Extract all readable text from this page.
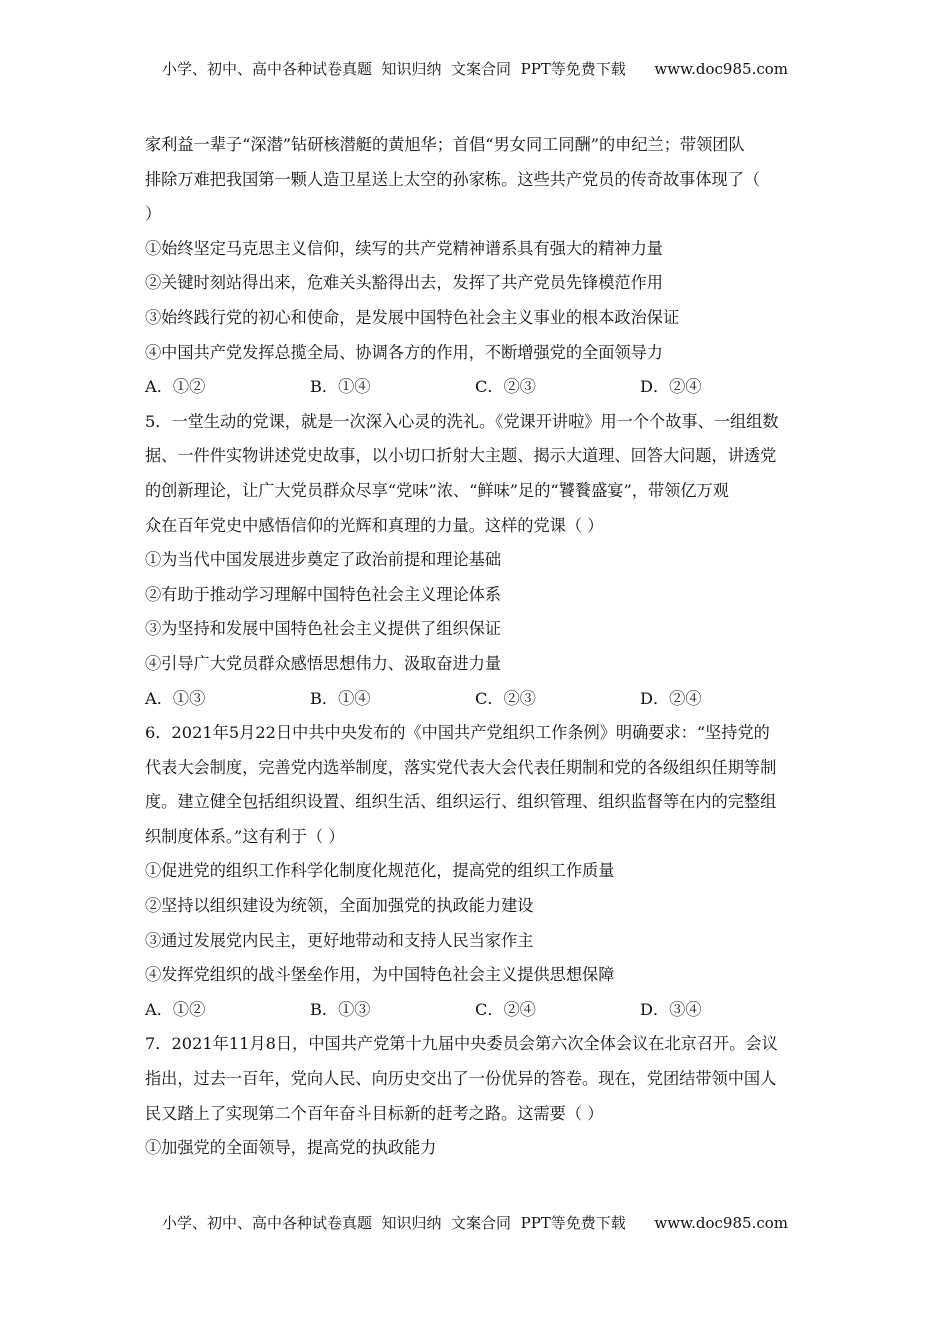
小学、初中、高中各种试卷真题  知识归纳  文案合同  PPT等免费下载      www.doc985.com
家利益一辈子“深潜”钻研核潜艇的黄旭华；首倡“男女同工同酬”的申纪兰；带领团队
排除万难把我国第一颗人造卫星送上太空的孙家栋。这些共产党员的传奇故事体现了（
）
①始终坚定马克思主义信仰，续写的共产党精神谱系具有强大的精神力量
②关键时刻站得出来，危难关头豁得出去，发挥了共产党员先锋模范作用
③始终践行党的初心和使命，是发展中国特色社会主义事业的根本政治保证
④中国共产党发挥总揽全局、协调各方的作用，不断增强党的全面领导力
A．①②	B．①④	C．②③	D．②④
5．一堂生动的党课，就是一次深入心灵的洗礼。《党课开讲啦》用一个个故事、一组组数
据、一件件实物讲述党史故事，以小切口折射大主题、揭示大道理、回答大问题，讲透党
的创新理论，让广大党员群众尽享“党味”浓、“鲜味”足的“饕餮盛宴”，带领亿万观
众在百年党史中感悟信仰的光辉和真理的力量。这样的党课（ ）
①为当代中国发展进步奠定了政治前提和理论基础
②有助于推动学习理解中国特色社会主义理论体系
③为坚持和发展中国特色社会主义提供了组织保证
④引导广大党员群众感悟思想伟力、汲取奋进力量
A．①③	B．①④	C．②③	D．②④
6．2021年5月22日中共中央发布的《中国共产党组织工作条例》明确要求：“坚持党的
代表大会制度，完善党内选举制度，落实党代表大会代表任期制和党的各级组织任期等制
度。建立健全包括组织设置、组织生活、组织运行、组织管理、组织监督等在内的完整组
织制度体系。”这有利于（ ）
①促进党的组织工作科学化制度化规范化，提高党的组织工作质量
②坚持以组织建设为统领，全面加强党的执政能力建设
③通过发展党内民主，更好地带动和支持人民当家作主
④发挥党组织的战斗堡垒作用，为中国特色社会主义提供思想保障
A．①②	B．①③	C．②④	D．③④
7．2021年11月8日，中国共产党第十九届中央委员会第六次全体会议在北京召开。会议
指出，过去一百年，党向人民、向历史交出了一份优异的答卷。现在，党团结带领中国人
民又踏上了实现第二个百年奋斗目标新的赶考之路。这需要（ ）
①加强党的全面领导，提高党的执政能力
小学、初中、高中各种试卷真题  知识归纳  文案合同  PPT等免费下载      www.doc985.com
